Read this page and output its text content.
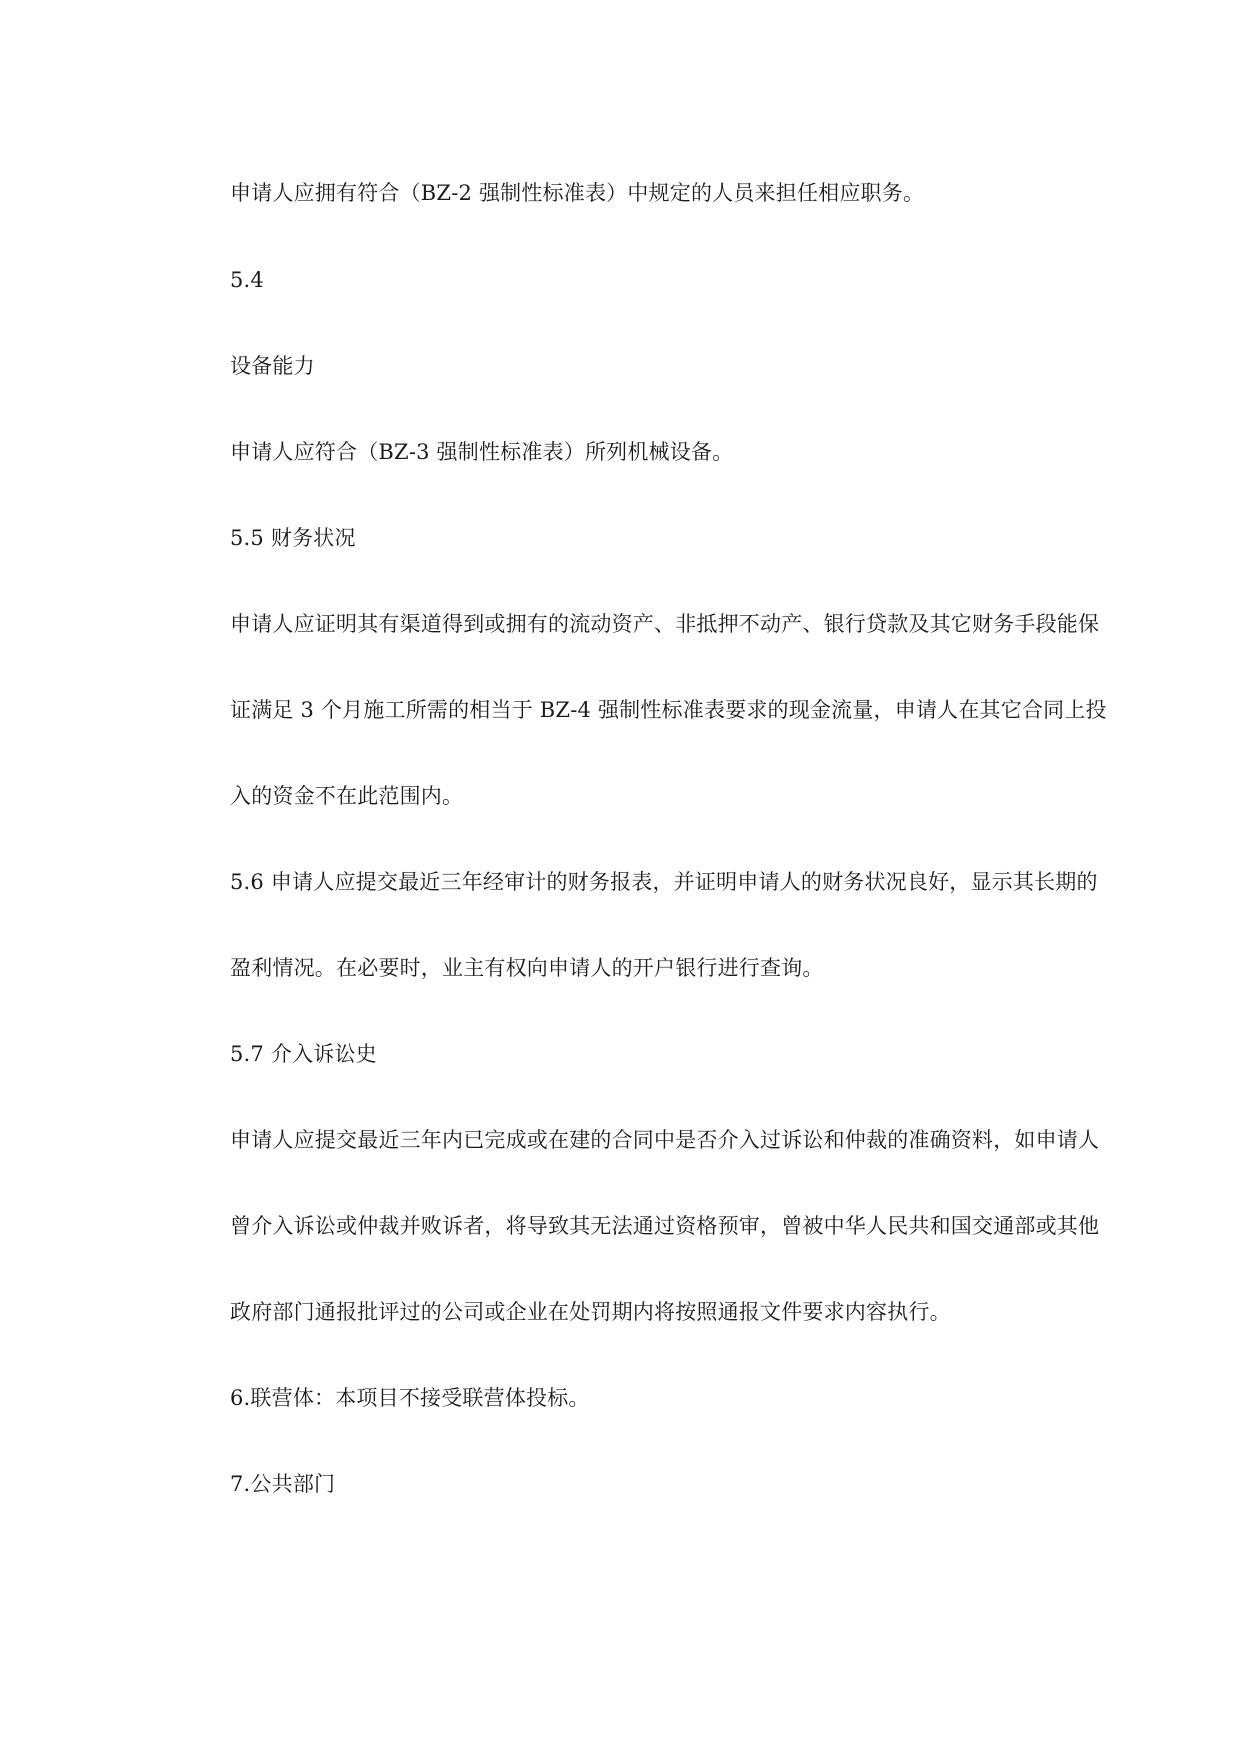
申请人应拥有符合（BZ-2 强制性标准表）中规定的人员来担任相应职务。
5.4
设备能力
申请人应符合（BZ-3 强制性标准表）所列机械设备。
5.5 财务状况
申请人应证明其有渠道得到或拥有的流动资产、非抵押不动产、银行贷款及其它财务手段能保
证满足 3 个月施工所需的相当于 BZ-4 强制性标准表要求的现金流量，申请人在其它合同上投
入的资金不在此范围内。
5.6 申请人应提交最近三年经审计的财务报表，并证明申请人的财务状况良好，显示其长期的
盈利情况。在必要时，业主有权向申请人的开户银行进行查询。
5.7 介入诉讼史
申请人应提交最近三年内已完成或在建的合同中是否介入过诉讼和仲裁的准确资料，如申请人
曾介入诉讼或仲裁并败诉者，将导致其无法通过资格预审，曾被中华人民共和国交通部或其他
政府部门通报批评过的公司或企业在处罚期内将按照通报文件要求内容执行。
6.联营体：本项目不接受联营体投标。
7.公共部门
